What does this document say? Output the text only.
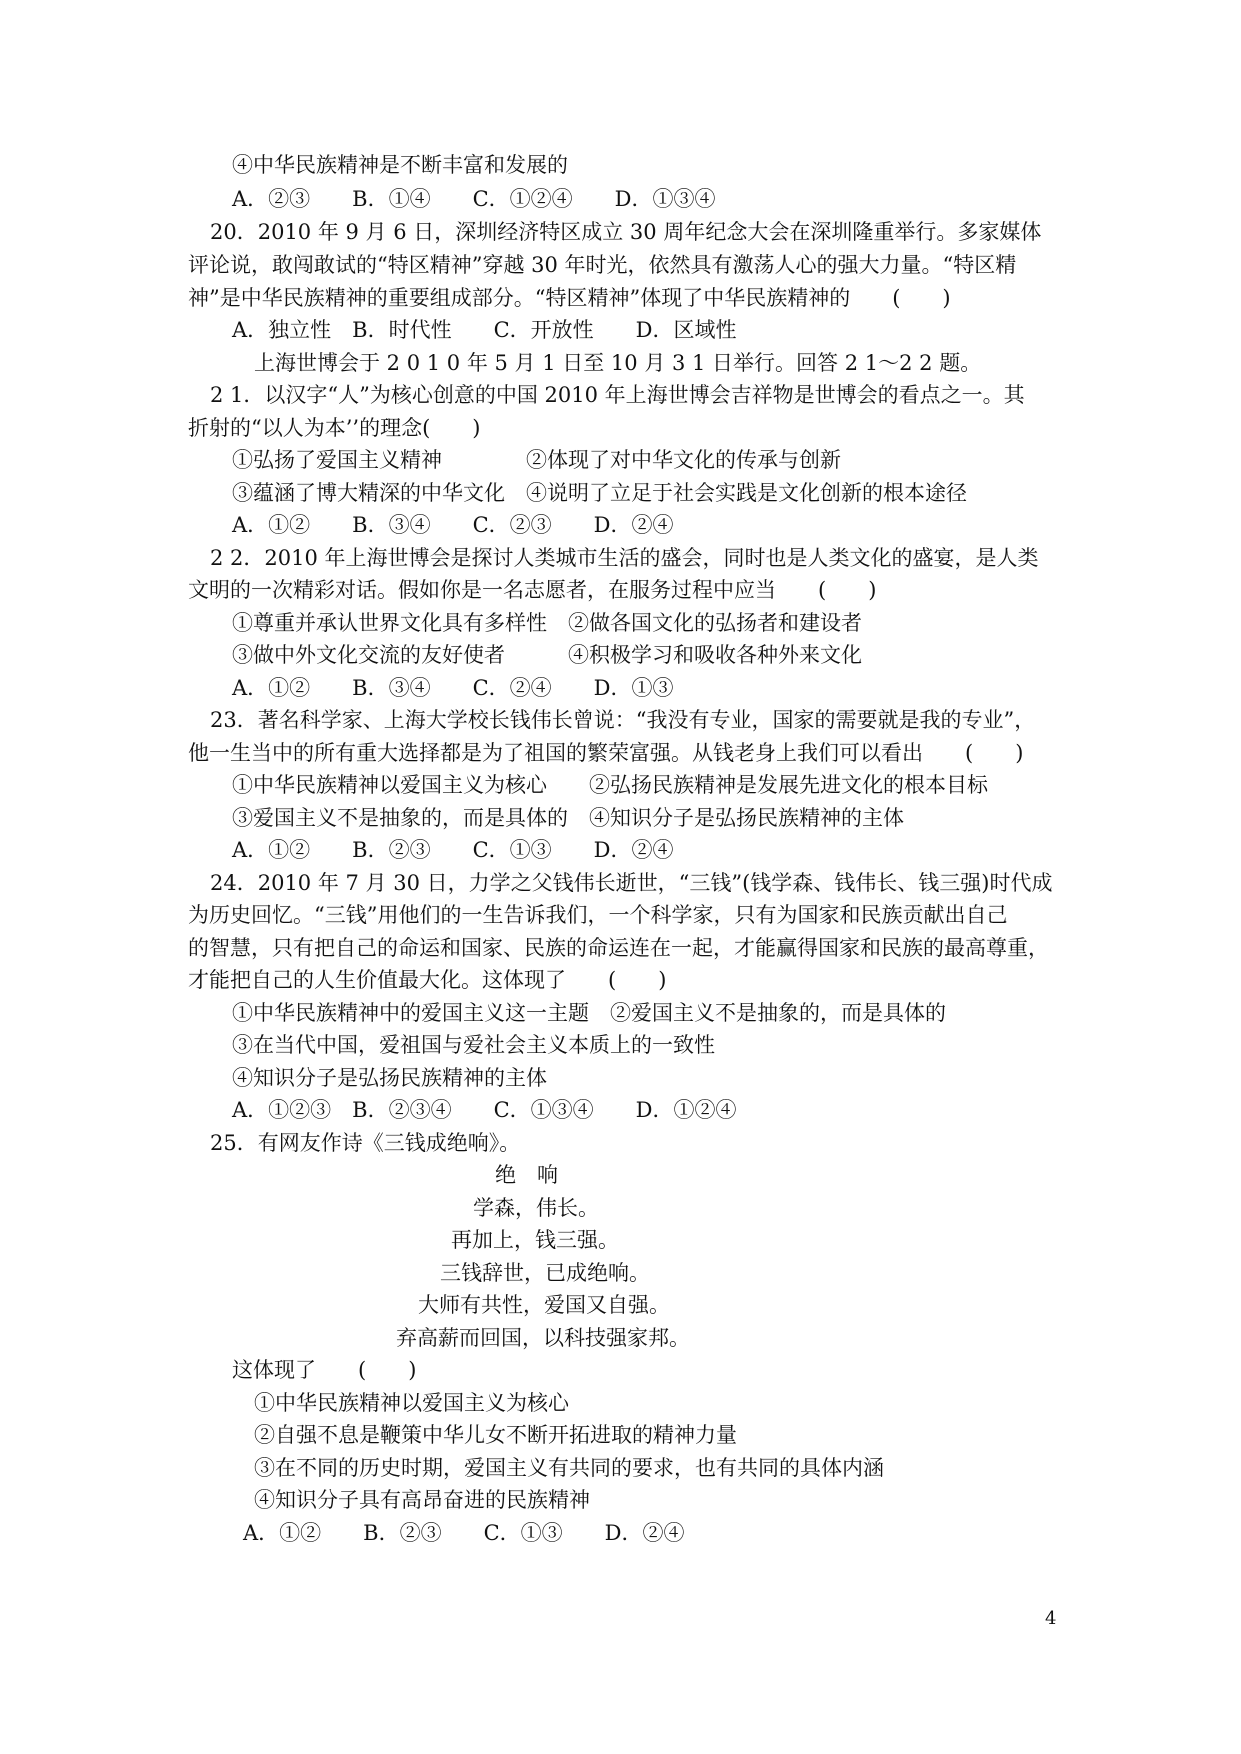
④中华民族精神是不断丰富和发展的
A．②③　　B．①④　　C．①②④　　D．①③④
20．2010 年 9 月 6 日，深圳经济特区成立 30 周年纪念大会在深圳隆重举行。多家媒体
评论说，敢闯敢试的“特区精神”穿越 30 年时光，依然具有激荡人心的强大力量。“特区精
神”是中华民族精神的重要组成部分。“特区精神”体现了中华民族精神的　　(　　)
A．独立性　B．时代性　　C．开放性　　D．区域性
上海世博会于 2 0 1 0 年 5 月 1 日至 10 月 3 1 日举行。回答 2 1～2 2 题。
2 1．以汉字“人”为核心创意的中国 2010 年上海世博会吉祥物是世博会的看点之一。其
折射的“以人为本’’的理念(　　)
①弘扬了爱国主义精神　　　　②体现了对中华文化的传承与创新
③蕴涵了博大精深的中华文化　④说明了立足于社会实践是文化创新的根本途径
A．①②　　B．③④　　C．②③　　D．②④
2 2．2010 年上海世博会是探讨人类城市生活的盛会，同时也是人类文化的盛宴，是人类
文明的一次精彩对话。假如你是一名志愿者，在服务过程中应当　　(　　)
①尊重并承认世界文化具有多样性　②做各国文化的弘扬者和建设者
③做中外文化交流的友好使者　　　④积极学习和吸收各种外来文化
A．①②　　B．③④　　C．②④　　D．①③
23．著名科学家、上海大学校长钱伟长曾说：“我没有专业，国家的需要就是我的专业”，
他一生当中的所有重大选择都是为了祖国的繁荣富强。从钱老身上我们可以看出　　(　　)
①中华民族精神以爱国主义为核心　　②弘扬民族精神是发展先进文化的根本目标
③爱国主义不是抽象的，而是具体的　④知识分子是弘扬民族精神的主体
A．①②　　B．②③　　C．①③　　D．②④
24．2010 年 7 月 30 日，力学之父钱伟长逝世，“三钱”(钱学森、钱伟长、钱三强)时代成
为历史回忆。“三钱”用他们的一生告诉我们，一个科学家，只有为国家和民族贡献出自己
的智慧，只有把自己的命运和国家、民族的命运连在一起，才能赢得国家和民族的最高尊重，
才能把自己的人生价值最大化。这体现了　　(　　)
①中华民族精神中的爱国主义这一主题　②爱国主义不是抽象的，而是具体的
③在当代中国，爱祖国与爱社会主义本质上的一致性
④知识分子是弘扬民族精神的主体
A．①②③　B．②③④　　C．①③④　　D．①②④
25．有网友作诗《三钱成绝响》。
绝　响
学森，伟长。
再加上，钱三强。
三钱辞世，已成绝响。
大师有共性，爱国又自强。
弃高薪而回国，以科技强家邦。
这体现了　　(　　)
①中华民族精神以爱国主义为核心
②自强不息是鞭策中华儿女不断开拓进取的精神力量
③在不同的历史时期，爱国主义有共同的要求，也有共同的具体内涵
④知识分子具有高昂奋进的民族精神
A．①②　　B．②③　　C．①③　　D．②④
4
